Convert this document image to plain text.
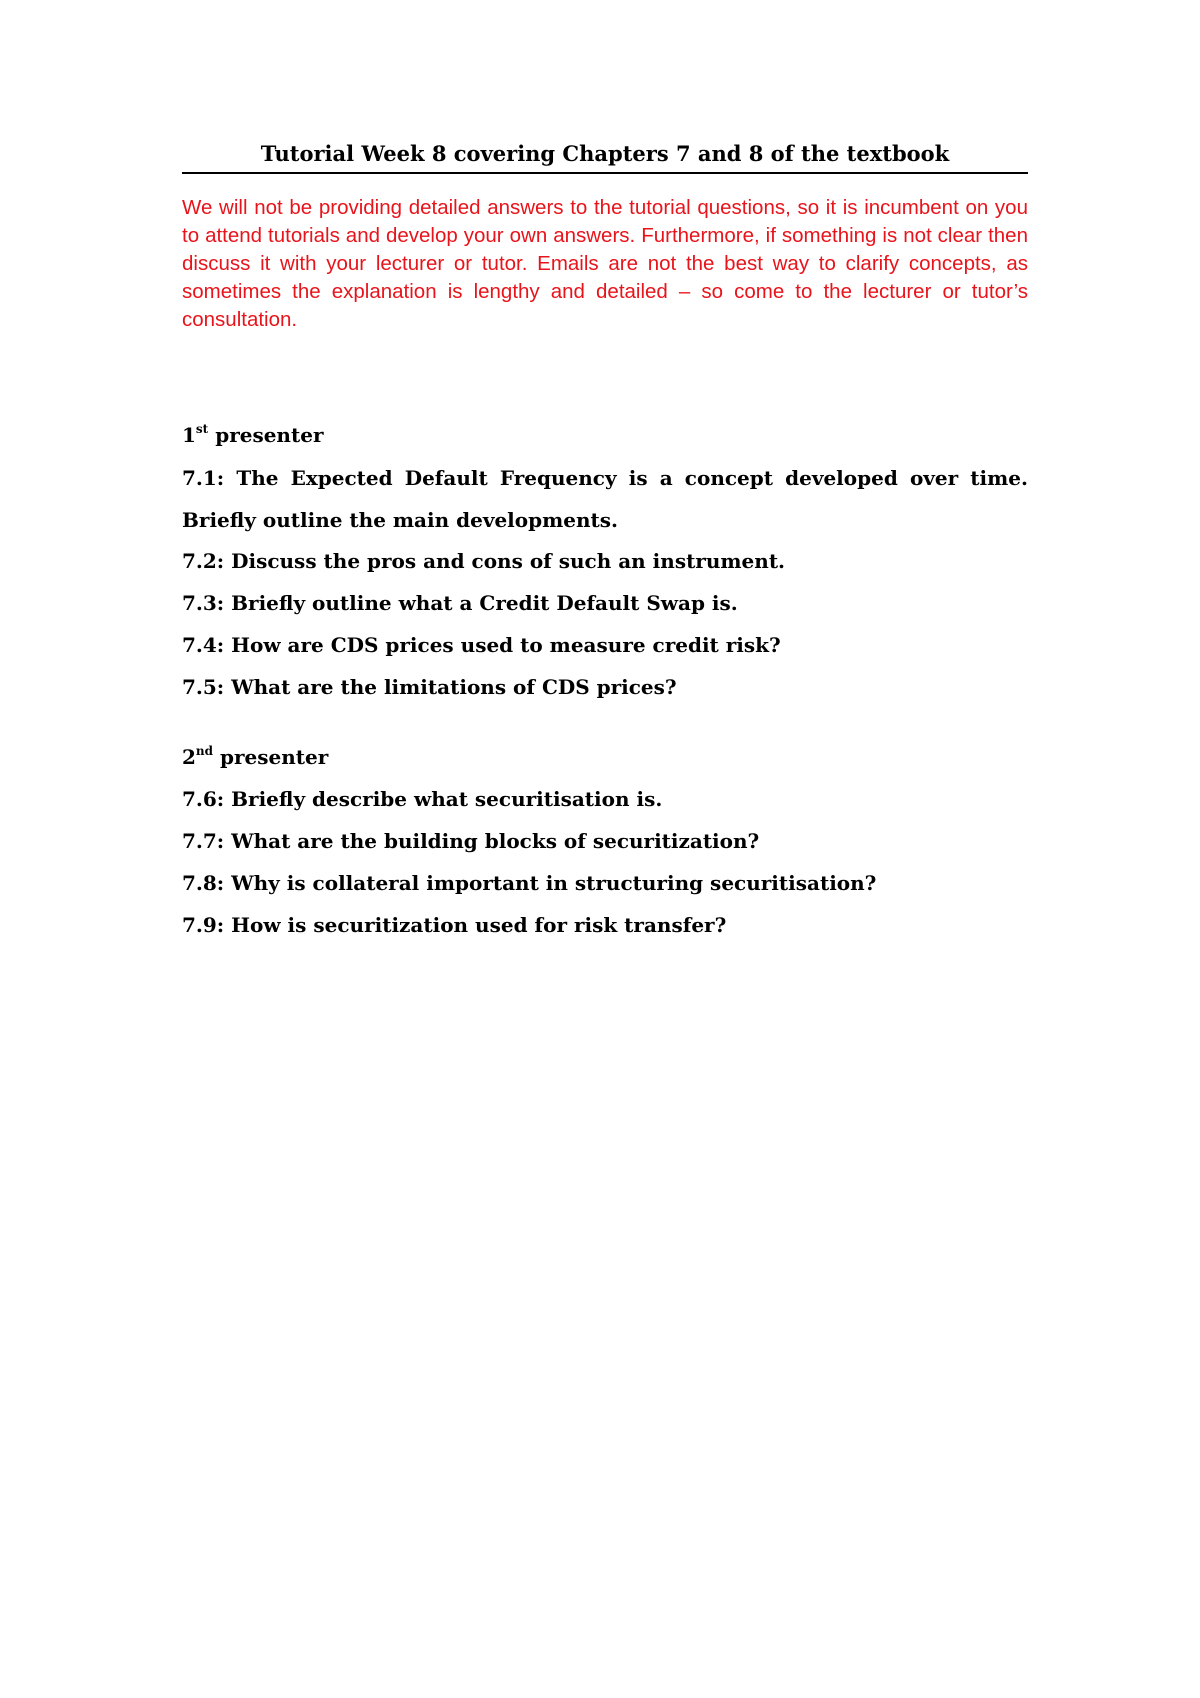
Tutorial Week 8 covering Chapters 7 and 8 of the textbook

We will not be providing detailed answers to the tutorial questions, so it is incumbent on you to attend tutorials and develop your own answers. Furthermore, if something is not clear then discuss it with your lecturer or tutor. Emails are not the best way to clarify concepts, as sometimes the explanation is lengthy and detailed – so come to the lecturer or tutor’s consultation.

1st presenter

7.1: The Expected Default Frequency is a concept developed over time. Briefly outline the main developments.

7.2: Discuss the pros and cons of such an instrument.

7.3: Briefly outline what a Credit Default Swap is.

7.4: How are CDS prices used to measure credit risk?

7.5: What are the limitations of CDS prices?

2nd presenter

7.6: Briefly describe what securitisation is.

7.7: What are the building blocks of securitization?

7.8: Why is collateral important in structuring securitisation?

7.9: How is securitization used for risk transfer?
